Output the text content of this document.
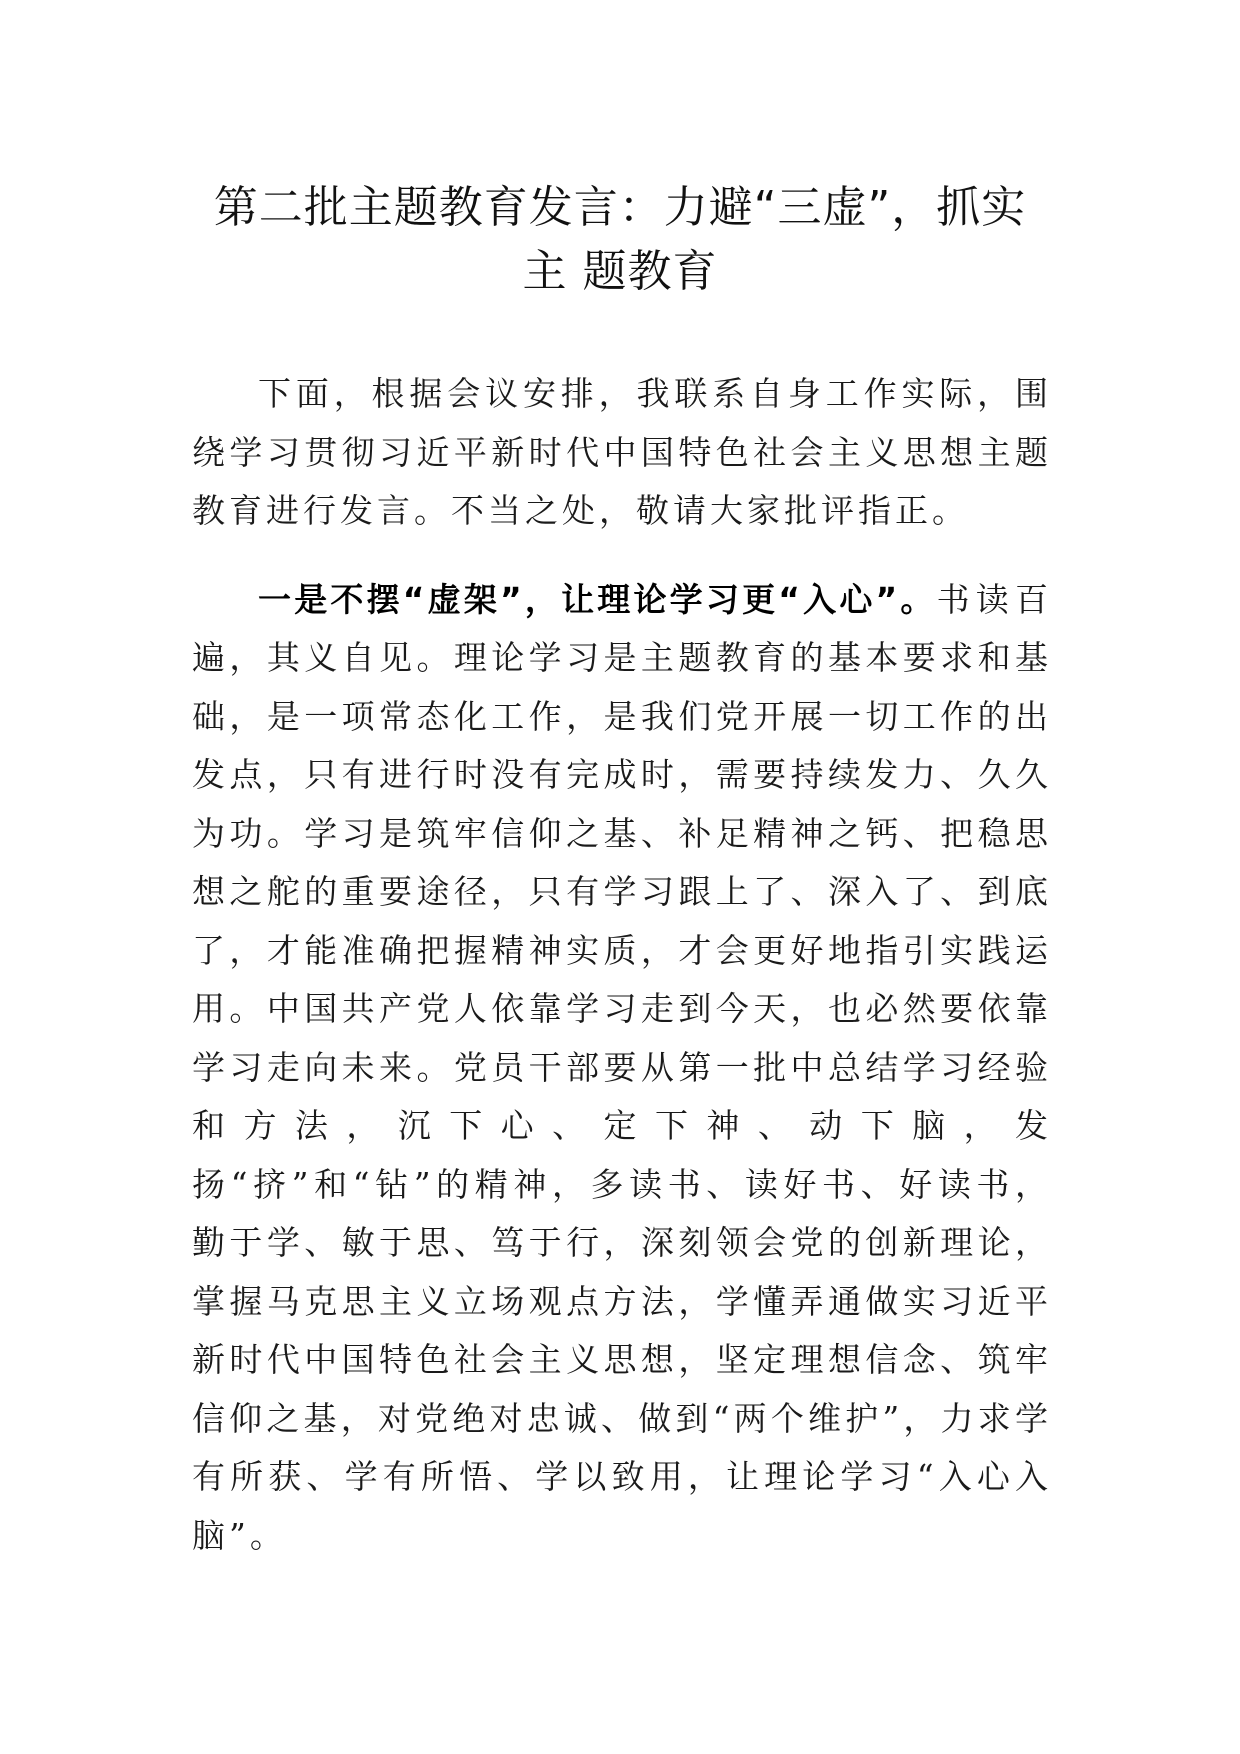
第二批主题教育发言：力避“三虚”，抓实
主 题教育

下面，根据会议安排，我联系自身工作实际，围绕学习贯彻习近平新时代中国特色社会主义思想主题教育进行发言。不当之处，敬请大家批评指正。

一是不摆“虚架”，让理论学习更“入心”。书读百遍，其义自见。理论学习是主题教育的基本要求和基础，是一项常态化工作，是我们党开展一切工作的出发点，只有进行时没有完成时，需要持续发力、久久为功。学习是筑牢信仰之基、补足精神之钙、把稳思想之舵的重要途径，只有学习跟上了、深入了、到底了，才能准确把握精神实质，才会更好地指引实践运用。中国共产党人依靠学习走到今天，也必然要依靠学习走向未来。党员干部要从第一批中总结学习经验和方法，沉下心、定下神、动下脑，发扬“挤”和“钻”的精神，多读书、读好书、好读书，勤于学、敏于思、笃于行，深刻领会党的创新理论，掌握马克思主义立场观点方法，学懂弄通做实习近平新时代中国特色社会主义思想，坚定理想信念、筑牢信仰之基，对党绝对忠诚、做到“两个维护”，力求学有所获、学有所悟、学以致用，让理论学习“入心入脑”。
